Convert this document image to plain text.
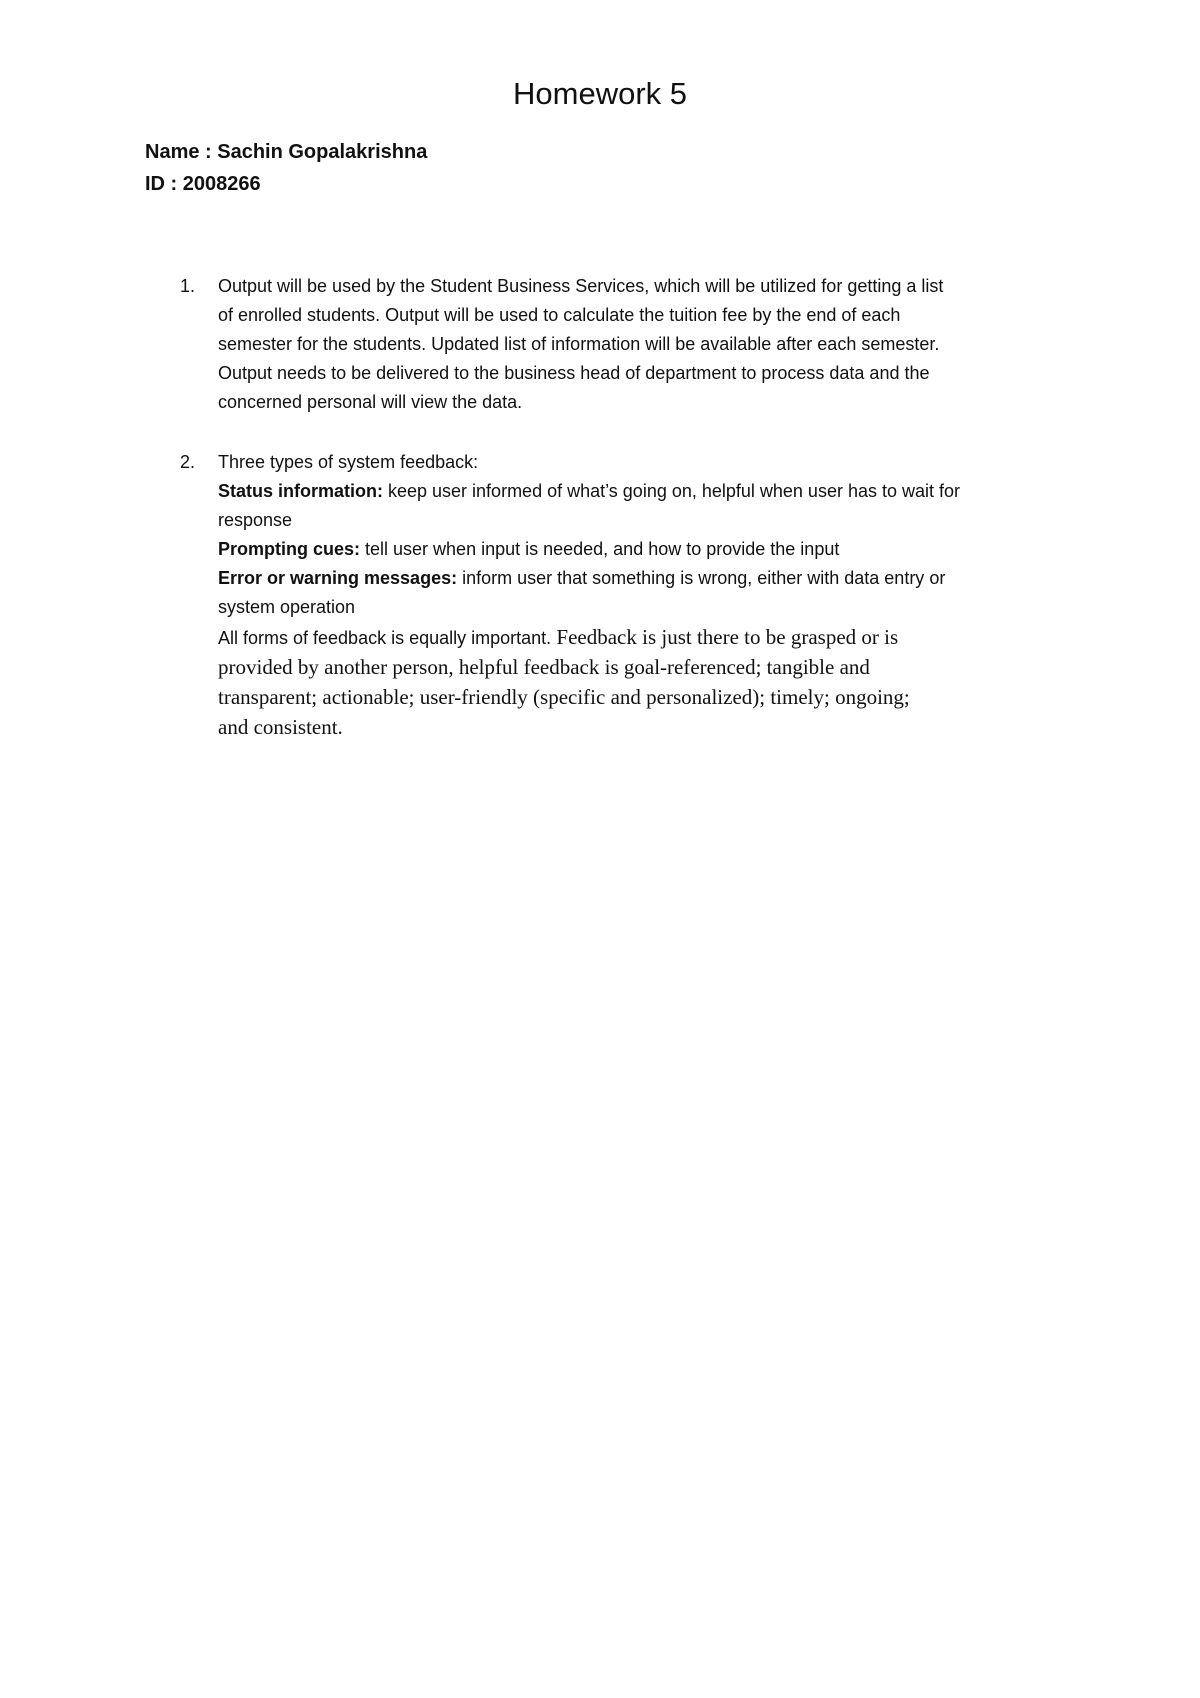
Homework 5
Name : Sachin Gopalakrishna
ID : 2008266
1.	Output will be used by the Student Business Services, which will be utilized for getting a list
of enrolled students. Output will be used to calculate the tuition fee by the end of each
semester for the students. Updated list of information will be available after each semester.
Output needs to be delivered to the business head of department to process data and the
concerned personal will view the data.
2.	Three types of system feedback:
Status information: keep user informed of what’s going on, helpful when user has to wait for
response
Prompting cues: tell user when input is needed, and how to provide the input
Error or warning messages: inform user that something is wrong, either with data entry or
system operation
All forms of feedback is equally important. Feedback is just there to be grasped or is
provided by another person, helpful feedback is goal-referenced; tangible and
transparent; actionable; user-friendly (specific and personalized); timely; ongoing;
and consistent.
